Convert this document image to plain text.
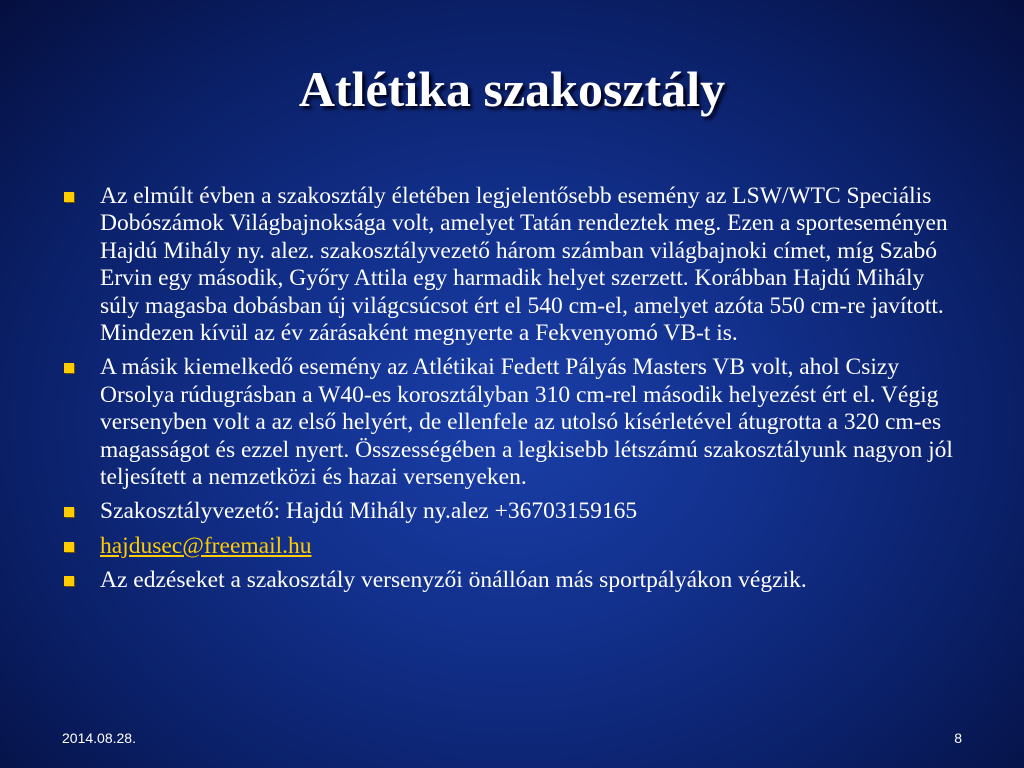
Atlétika szakosztály
Az elmúlt évben a szakosztály életében legjelentősebb esemény az LSW/WTC Speciális Dobószámok Világbajnoksága volt, amelyet Tatán rendeztek meg. Ezen a sporteseményen Hajdú Mihály ny. alez. szakosztályvezető három számban világbajnoki címet, míg Szabó Ervin egy második, Győry Attila egy harmadik helyet szerzett. Korábban Hajdú Mihály súly magasba dobásban új világcsúcsot ért el 540 cm-el, amelyet azóta 550 cm-re javított. Mindezen kívül az év zárásaként megnyerte a Fekvenyomó VB-t is.
A másik kiemelkedő esemény az Atlétikai Fedett Pályás Masters VB volt, ahol Csizy Orsolya rúdugrásban a W40-es korosztályban 310 cm-rel második helyezést ért el. Végig versenyben volt a az első helyért, de ellenfele az utolsó kísérletével átugrotta a 320 cm-es magasságot és ezzel nyert. Összességében a legkisebb létszámú szakosztályunk nagyon jól teljesített a nemzetközi és hazai versenyeken.
Szakosztályvezető: Hajdú Mihály ny.alez +36703159165
hajdusec@freemail.hu
Az edzéseket a szakosztály versenyzői önállóan más sportpályákon végzik.
2014.08.28.	8
